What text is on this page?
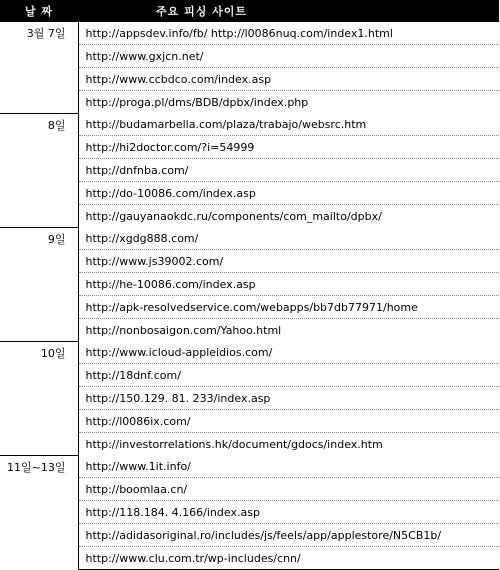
날 짜	주요 피싱 사이트
3월 7일	http://appsdev.info/fb/ http://l0086nuq.com/index1.html
	http://www.gxjcn.net/
	http://www.ccbdco.com/index.asp
	http://proga.pl/dms/BDB/dpbx/index.php
8일	http://budamarbella.com/plaza/trabajo/websrc.htm
	http://hi2doctor.com/?i=54999
	http://dnfnba.com/
	http://do-10086.com/index.asp
	http://gauyanaokdc.ru/components/com_mailto/dpbx/
9일	http://xgdg888.com/
	http://www.js39002.com/
	http://he-10086.com/index.asp
	http://apk-resolvedservice.com/webapps/bb7db77971/home
	http://nonbosaigon.com/Yahoo.html
10일	http://www.icloud-appleidios.com/
	http://18dnf.com/
	http://150.129. 81. 233/index.asp
	http://l0086ix.com/
	http://investorrelations.hk/document/gdocs/index.htm
11일~13일	http://www.1it.info/
	http://boomlaa.cn/
	http://118.184. 4.166/index.asp
	http://adidasoriginal.ro/includes/js/feels/app/applestore/N5CB1b/
	http://www.clu.com.tr/wp-includes/cnn/
